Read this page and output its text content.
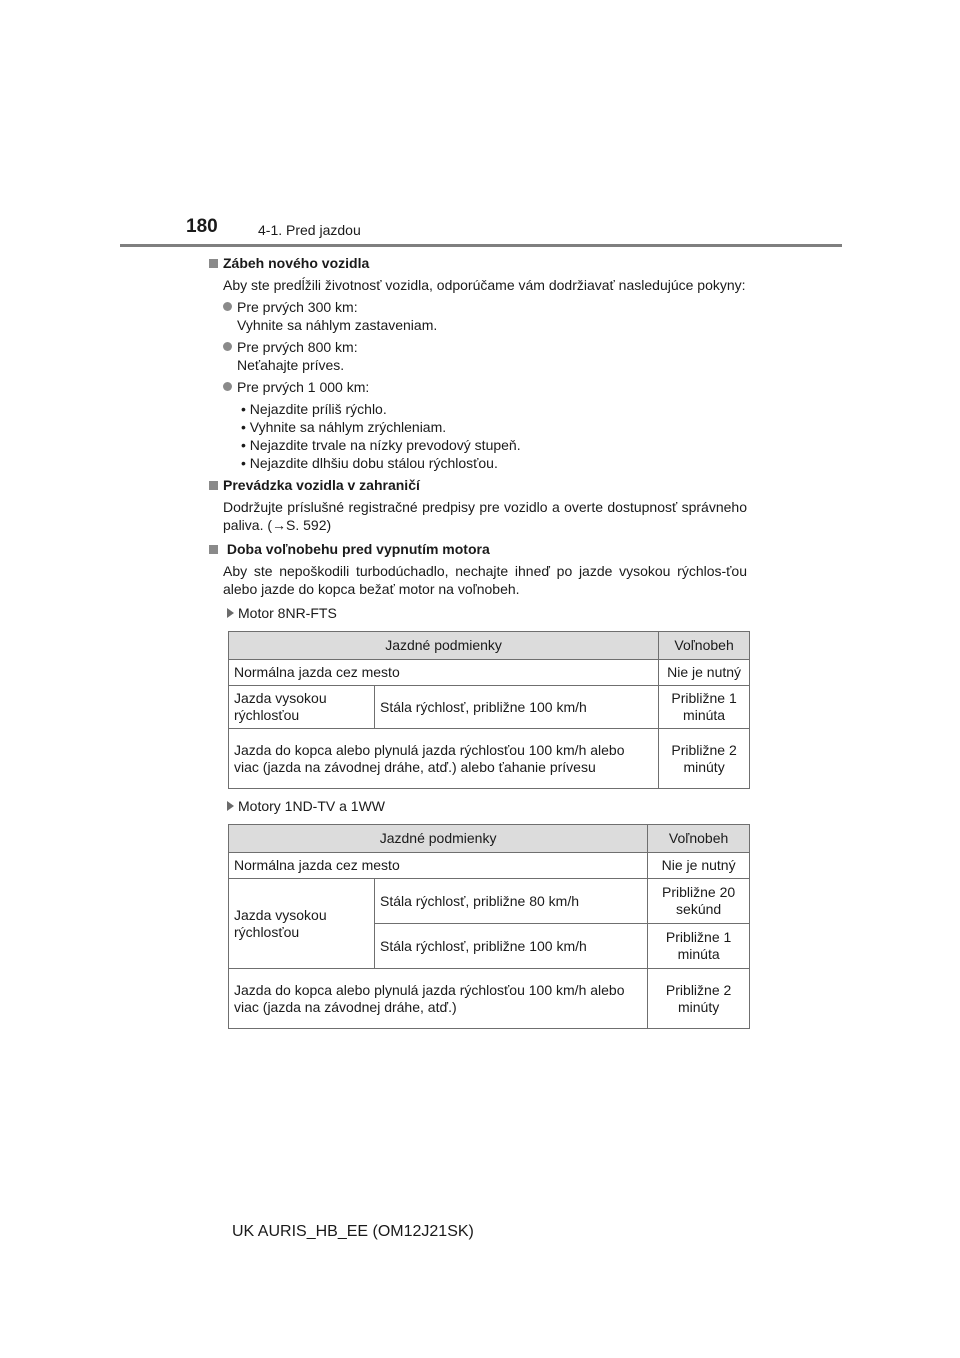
180	4-1. Pred jazdou
Zábeh nového vozidla
Aby ste predĺžili životnosť vozidla, odporúčame vám dodržiavať nasledujúce pokyny:
Pre prvých 300 km:
Vyhnite sa náhlym zastaveniam.
Pre prvých 800 km:
Neťahajte príves.
Pre prvých 1 000 km:
• Nejazdite príliš rýchlo.
• Vyhnite sa náhlym zrýchleniam.
• Nejazdite trvale na nízky prevodový stupeň.
• Nejazdite dlhšiu dobu stálou rýchlosťou.
Prevádzka vozidla v zahraničí
Dodržujte príslušné registračné predpisy pre vozidlo a overte dostupnosť správneho paliva. (→S. 592)
Doba voľnobehu pred vypnutím motora
Aby ste nepoškodili turbodúchadlo, nechajte ihneď po jazde vysokou rýchlos-ťou alebo jazde do kopca bežať motor na voľnobeh.
Motor 8NR-FTS
Jazdné podmienky		Voľnobeh
Normálna jazda cez mesto		Nie je nutný
Jazda vysokou rýchlosťou	Stála rýchlosť, približne 100 km/h	Približne 1 minúta
Jazda do kopca alebo plynulá jazda rýchlosťou 100 km/h alebo viac (jazda na závodnej dráhe, atď.) alebo ťahanie prívesu		Približne 2 minúty
Motory 1ND-TV a 1WW
Jazdné podmienky		Voľnobeh
Normálna jazda cez mesto		Nie je nutný
Jazda vysokou rýchlosťou	Stála rýchlosť, približne 80 km/h	Približne 20 sekúnd
	Stála rýchlosť, približne 100 km/h	Približne 1 minúta
Jazda do kopca alebo plynulá jazda rýchlosťou 100 km/h alebo viac (jazda na závodnej dráhe, atď.)		Približne 2 minúty
UK AURIS_HB_EE (OM12J21SK)
